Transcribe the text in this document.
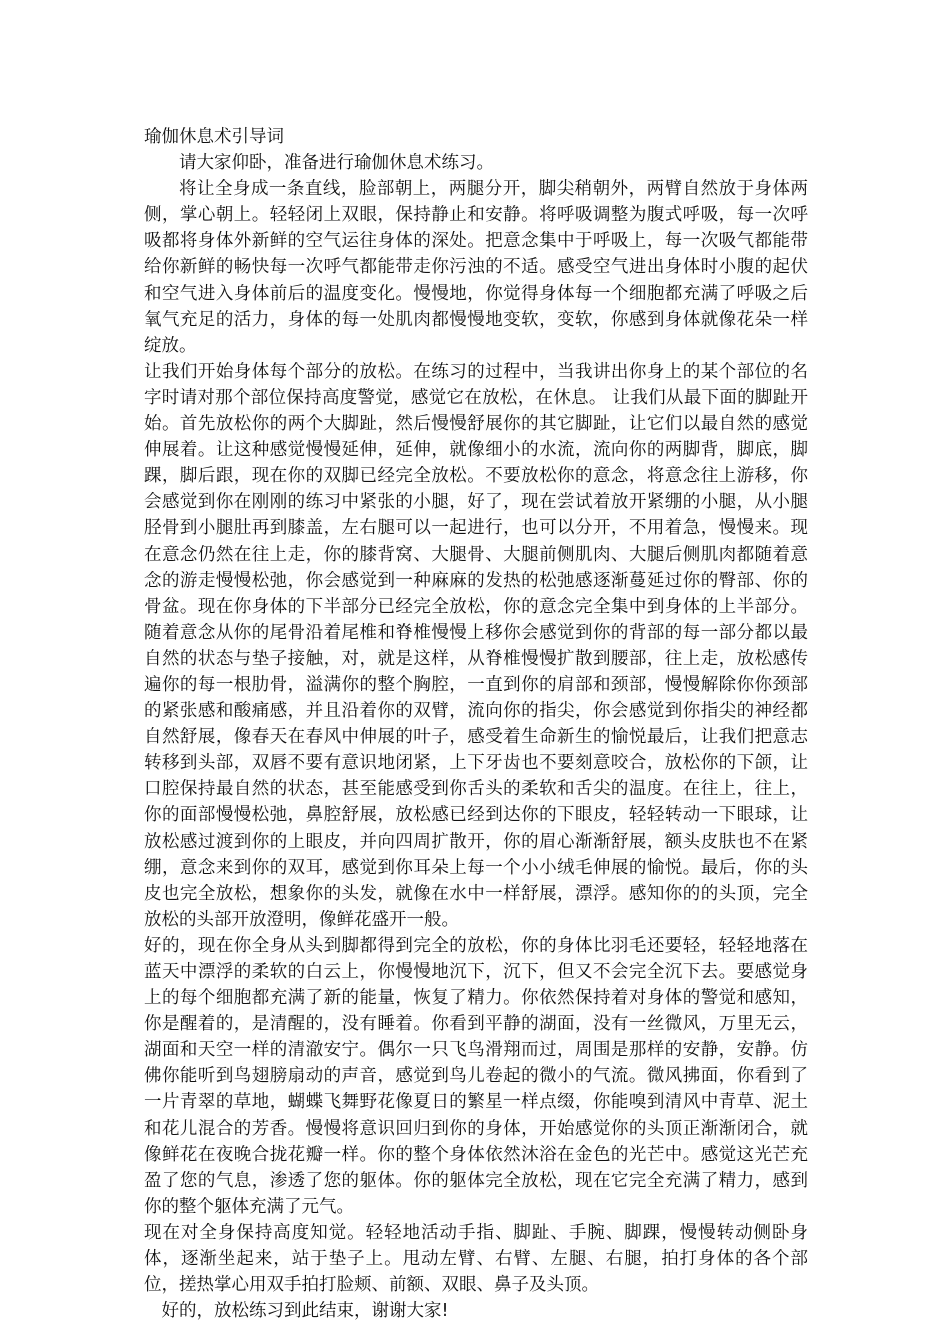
瑜伽休息术引导词

请大家仰卧，准备进行瑜伽休息术练习。

将让全身成一条直线，脸部朝上，两腿分开，脚尖稍朝外，两臂自然放于身体两侧，掌心朝上。轻轻闭上双眼，保持静止和安静。将呼吸调整为腹式呼吸，每一次呼吸都将身体外新鲜的空气运往身体的深处。把意念集中于呼吸上，每一次吸气都能带给你新鲜的畅快每一次呼气都能带走你污浊的不适。感受空气进出身体时小腹的起伏和空气进入身体前后的温度变化。慢慢地，你觉得身体每一个细胞都充满了呼吸之后氧气充足的活力，身体的每一处肌肉都慢慢地变软，变软，你感到身体就像花朵一样绽放。

让我们开始身体每个部分的放松。在练习的过程中，当我讲出你身上的某个部位的名字时请对那个部位保持高度警觉，感觉它在放松，在休息。 让我们从最下面的脚趾开始。首先放松你的两个大脚趾，然后慢慢舒展你的其它脚趾，让它们以最自然的感觉伸展着。让这种感觉慢慢延伸，延伸，就像细小的水流，流向你的两脚背，脚底，脚踝，脚后跟，现在你的双脚已经完全放松。不要放松你的意念，将意念往上游移，你会感觉到你在刚刚的练习中紧张的小腿，好了，现在尝试着放开紧绷的小腿，从小腿胫骨到小腿肚再到膝盖，左右腿可以一起进行，也可以分开，不用着急，慢慢来。现在意念仍然在往上走，你的膝背窝、大腿骨、大腿前侧肌肉、大腿后侧肌肉都随着意念的游走慢慢松弛，你会感觉到一种麻麻的发热的松弛感逐渐蔓延过你的臀部、你的骨盆。现在你身体的下半部分已经完全放松，你的意念完全集中到身体的上半部分。随着意念从你的尾骨沿着尾椎和脊椎慢慢上移你会感觉到你的背部的每一部分都以最自然的状态与垫子接触，对，就是这样，从脊椎慢慢扩散到腰部，往上走，放松感传遍你的每一根肋骨，溢满你的整个胸腔，一直到你的肩部和颈部，慢慢解除你你颈部的紧张感和酸痛感，并且沿着你的双臂，流向你的指尖，你会感觉到你指尖的神经都自然舒展，像春天在春风中伸展的叶子，感受着生命新生的愉悦最后，让我们把意志转移到头部，双唇不要有意识地闭紧，上下牙齿也不要刻意咬合，放松你的下颌，让口腔保持最自然的状态，甚至能感受到你舌头的柔软和舌尖的温度。在往上，往上，你的面部慢慢松弛，鼻腔舒展，放松感已经到达你的下眼皮，轻轻转动一下眼球，让放松感过渡到你的上眼皮，并向四周扩散开，你的眉心渐渐舒展，额头皮肤也不在紧绷，意念来到你的双耳，感觉到你耳朵上每一个小小绒毛伸展的愉悦。最后，你的头皮也完全放松，想象你的头发，就像在水中一样舒展，漂浮。感知你的的头顶，完全放松的头部开放澄明，像鲜花盛开一般。

好的，现在你全身从头到脚都得到完全的放松，你的身体比羽毛还要轻，轻轻地落在蓝天中漂浮的柔软的白云上，你慢慢地沉下，沉下，但又不会完全沉下去。要感觉身上的每个细胞都充满了新的能量，恢复了精力。你依然保持着对身体的警觉和感知，你是醒着的，是清醒的，没有睡着。你看到平静的湖面，没有一丝微风，万里无云，湖面和天空一样的清澈安宁。偶尔一只飞鸟滑翔而过，周围是那样的安静，安静。仿佛你能听到鸟翅膀扇动的声音，感觉到鸟儿卷起的微小的气流。微风拂面，你看到了一片青翠的草地，蝴蝶飞舞野花像夏日的繁星一样点缀，你能嗅到清风中青草、泥土和花儿混合的芳香。慢慢将意识回归到你的身体，开始感觉你的头顶正渐渐闭合，就像鲜花在夜晚合拢花瓣一样。你的整个身体依然沐浴在金色的光芒中。感觉这光芒充盈了您的气息，渗透了您的躯体。你的躯体完全放松，现在它完全充满了精力，感到你的整个躯体充满了元气。

现在对全身保持高度知觉。轻轻地活动手指、脚趾、手腕、脚踝，慢慢转动侧卧身体，逐渐坐起来，站于垫子上。甩动左臂、右臂、左腿、右腿，拍打身体的各个部位，搓热掌心用双手拍打脸颊、前额、双眼、鼻子及头顶。

好的，放松练习到此结束，谢谢大家!
